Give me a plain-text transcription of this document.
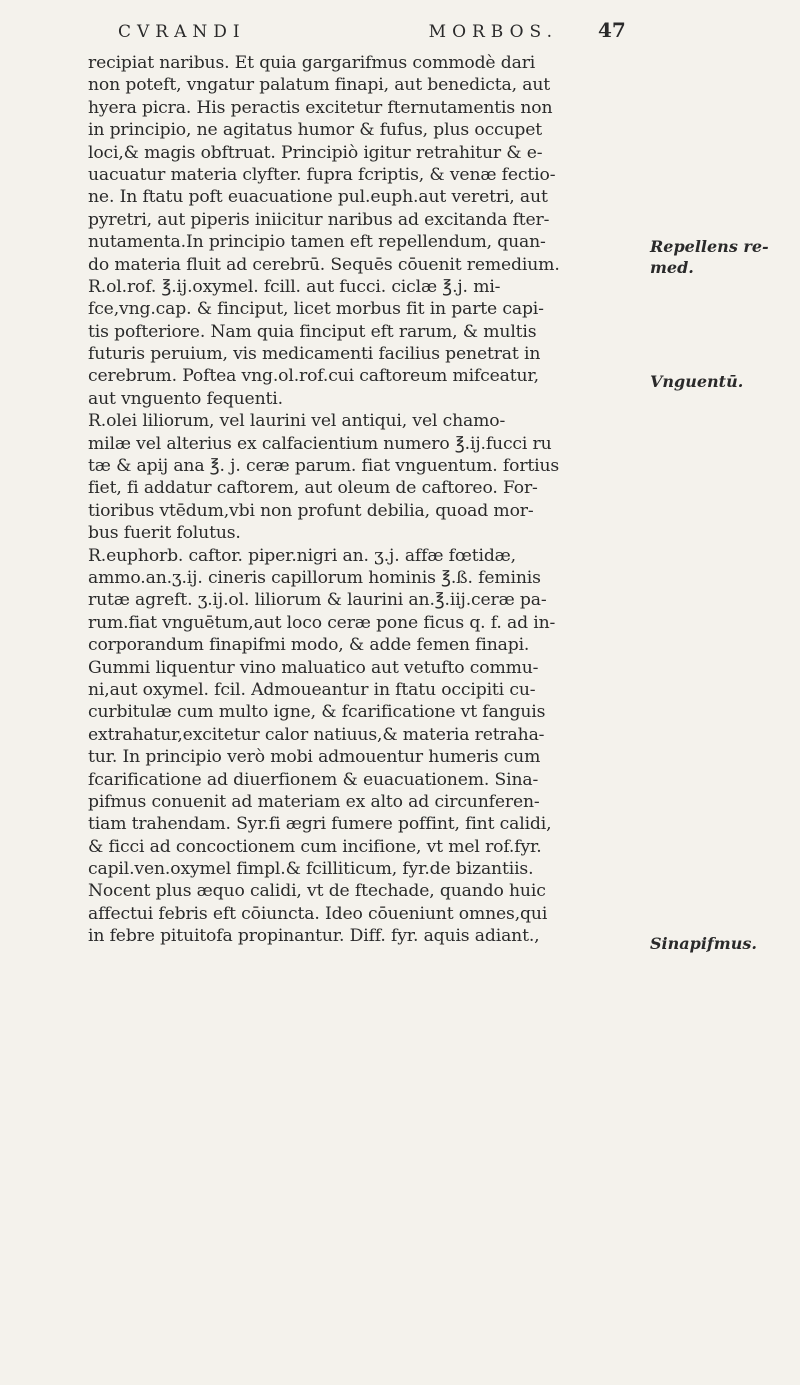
CVRANDI	MORBOS. 47
recipiat naribus. Et quia gargarifmus commodè dari
non poteft, vngatur palatum finapi, aut benedicta, aut
hyera picra. His peractis excitetur fternutamentis non
in principio, ne agitatus humor & fufus, plus occupet
loci,& magis obftruat. Principiò igitur retrahitur & e-
uacuatur materia clyfter. fupra fcriptis, & venæ fectio-
ne. In ftatu poft euacuatione pul.euph.aut veretri, aut
pyretri, aut piperis iniicitur naribus ad excitanda fter-
nutamenta.In principio tamen eft repellendum, quan-
do materia fluit ad cerebrū. Sequēs cōuenit remedium.
R.ol.rof. ℥.ij.oxymel. fcill. aut fucci. ciclæ ℥.j. mi-
fce,vng.cap. & finciput, licet morbus fit in parte capi-
tis pofteriore. Nam quia finciput eft rarum, & multis
futuris peruium, vis medicamenti facilius penetrat in
cerebrum. Poftea vng.ol.rof.cui caftoreum mifceatur,
aut vnguento fequenti.
R.olei liliorum, vel laurini vel antiqui, vel chamo-
milæ vel alterius ex calfacientium numero ℥.ij.fucci ru
tæ & apij ana ℥. j. ceræ parum. fiat vnguentum. fortius
fiet, fi addatur caftorem, aut oleum de caftoreo. For-
tioribus vtēdum,vbi non profunt debilia, quoad mor-
bus fuerit folutus.
R.euphorb. caftor. piper.nigri an. ʒ.j. affæ fœtidæ,
ammo.an.ʒ.ij. cineris capillorum hominis ℥.ß. feminis
rutæ agreft. ʒ.ij.ol. liliorum & laurini an.℥.iij.ceræ pa-
rum.fiat vnguētum,aut loco ceræ pone ficus q. f. ad in-
corporandum finapifmi modo, & adde femen finapi.
Gummi liquentur vino maluatico aut vetufto commu-
ni,aut oxymel. fcil. Admoueantur in ftatu occipiti cu-
curbitulæ cum multo igne, & fcarificatione vt fanguis
extrahatur,excitetur calor natiuus,& materia retraha-
tur. In principio verò mobi admouentur humeris cum
fcarificatione ad diuerfionem & euacuationem. Sina-
pifmus conuenit ad materiam ex alto ad circunferen-
tiam trahendam. Syr.fi ægri fumere poffint, fint calidi,
& ficci ad concoctionem cum incifione, vt mel rof.fyr.
capil.ven.oxymel fimpl.& fcilliticum, fyr.de bizantiis.
Nocent plus æquo calidi, vt de ftechade, quando huic
affectui febris eft cōiuncta. Ideo cōueniunt omnes,qui
in febre pituitofa propinantur. Diff. fyr. aquis adiant.,
Repellens re-
med.
Vnguentū.
Sinapifmus.
